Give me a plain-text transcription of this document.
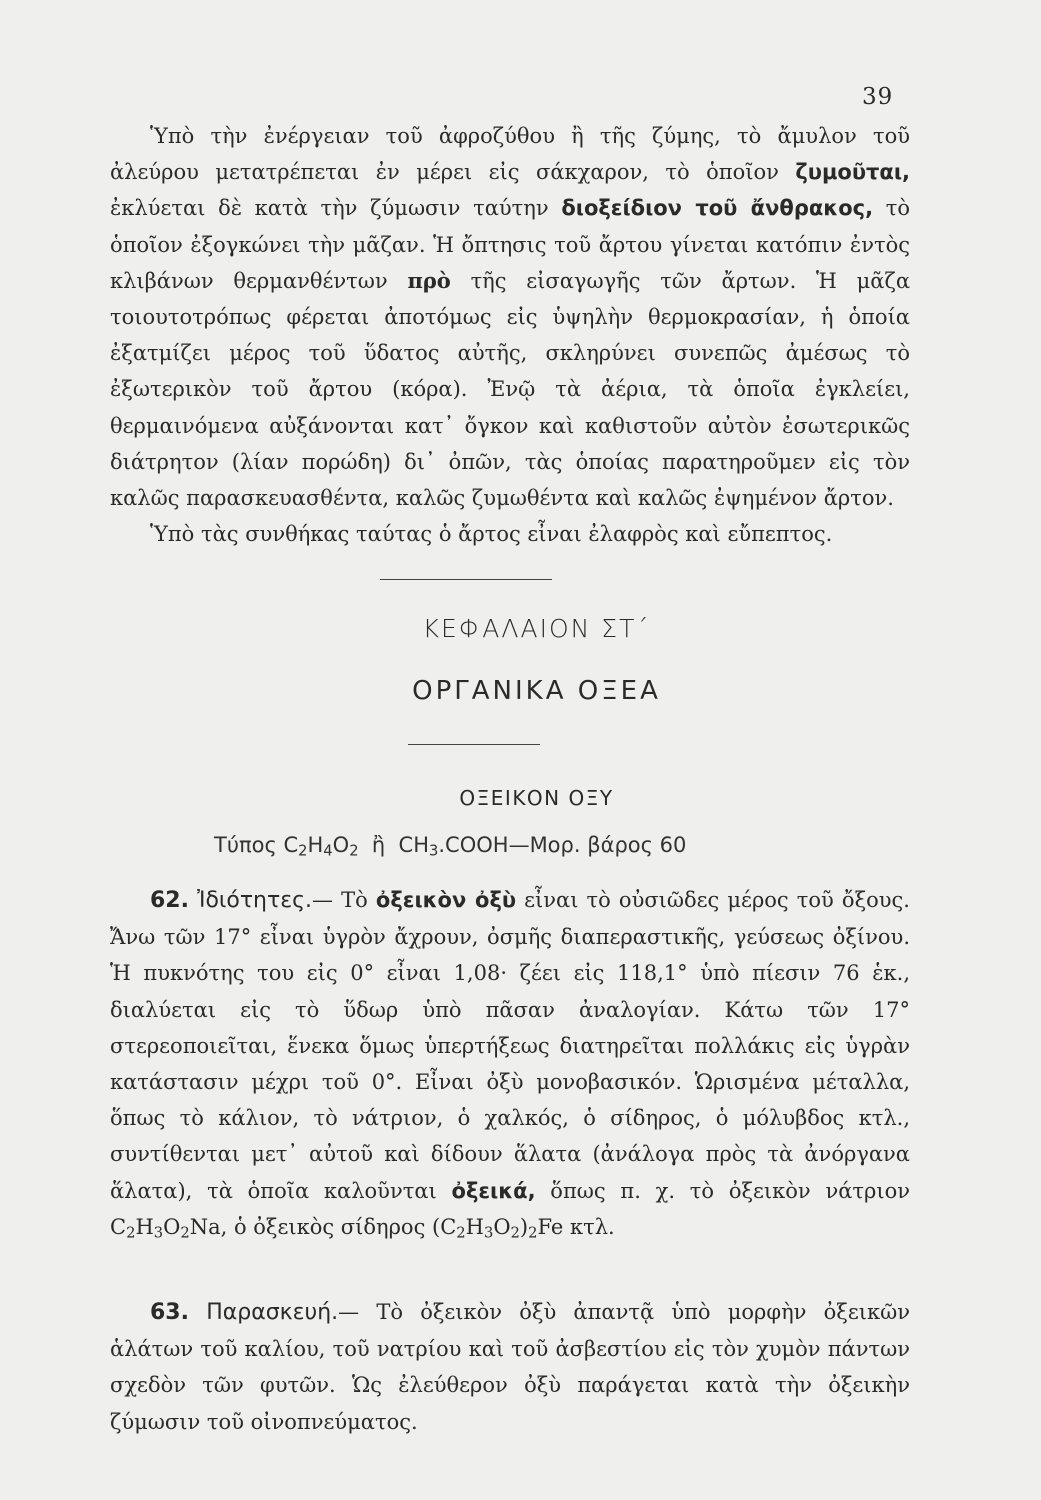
39

Ὑπὸ τὴν ἐνέργειαν τοῦ ἀφροζύθου ἢ τῆς ζύμης, τὸ ἄμυλον τοῦ ἀλεύρου μετατρέπεται ἐν μέρει εἰς σάκχαρον, τὸ ὁποῖον ζυμοῦται, ἐκλύεται δὲ κατὰ τὴν ζύμωσιν ταύτην διοξείδιον τοῦ ἄνθρακος, τὸ ὁποῖον ἐξογκώνει τὴν μᾶζαν. Ἡ ὄπτησις τοῦ ἄρτου γίνεται κατόπιν ἐντὸς κλιβάνων θερμανθέντων πρὸ τῆς εἰσαγωγῆς τῶν ἄρτων. Ἡ μᾶζα τοιουτοτρόπως φέρεται ἀποτόμως εἰς ὑψηλὴν θερμοκρασίαν, ἡ ὁποία ἐξατμίζει μέρος τοῦ ὕδατος αὐτῆς, σκληρύνει συνεπῶς ἀμέσως τὸ ἐξωτερικὸν τοῦ ἄρτου (κόρα). Ἐνῷ τὰ ἀέρια, τὰ ὁποῖα ἐγκλείει, θερμαινόμενα αὐξάνονται κατ᾽ ὄγκον καὶ καθιστοῦν αὐτὸν ἐσωτερικῶς διάτρητον (λίαν πορώδη) δι᾽ ὀπῶν, τὰς ὁποίας παρατηροῦμεν εἰς τὸν καλῶς παρασκευασθέντα, καλῶς ζυμωθέντα καὶ καλῶς ἐψημένον ἄρτον.

Ὑπὸ τὰς συνθήκας ταύτας ὁ ἄρτος εἶναι ἐλαφρὸς καὶ εὔπεπτος.

ΚΕΦΑΛΑΙΟΝ ΣΤ΄
ΟΡΓΑΝΙΚΑ ΟΞΕΑ
ΟΞΕΙΚΟΝ ΟΞΥ
Τύπος $C_2H_4O_2$  ἢ  $CH_3.COOH—Mo\rho$. βάρος 60

62. Ἰδιότητες.— Τὸ ὀξεικὸν ὀξὺ εἶναι τὸ οὐσιῶδες μέρος τοῦ ὄξους. Ἄνω τῶν 17° εἶναι ὑγρὸν ἄχρουν, ὀσμῆς διαπεραστικῆς, γεύσεως ὀξίνου. Ἡ πυκνότης του εἰς 0° εἶναι 1,08· ζέει εἰς 118,1° ὑπὸ πίεσιν 76 ἑκ., διαλύεται εἰς τὸ ὕδωρ ὑπὸ πᾶσαν ἀναλογίαν. Κάτω τῶν 17° στερεοποιεῖται, ἕνεκα ὅμως ὑπερτήξεως διατηρεῖται πολλάκις εἰς ὑγρὰν κατάστασιν μέχρι τοῦ 0°. Εἶναι ὀξὺ μονοβασικόν. Ὡρισμένα μέταλλα, ὅπως τὸ κάλιον, τὸ νάτριον, ὁ χαλκός, ὁ σίδηρος, ὁ μόλυβδος κτλ., συντίθενται μετ᾽ αὐτοῦ καὶ δίδουν ἅλατα (ἀνάλογα πρὸς τὰ ἀνόργανα ἅλατα), τὰ ὁποῖα καλοῦνται ὀξεικά, ὅπως π. χ. τὸ ὀξεικὸν νάτριον $C_2H_3O_2Na$, ὁ ὀξεικὸς σίδηρος $(C_2H_3O_2)_2Fe$ κτλ.

63. Παρασκευή.— Τὸ ὀξεικὸν ὀξὺ ἀπαντᾷ ὑπὸ μορφὴν ὀξεικῶν ἁλάτων τοῦ καλίου, τοῦ νατρίου καὶ τοῦ ἀσβεστίου εἰς τὸν χυμὸν πάντων σχεδὸν τῶν φυτῶν. Ὡς ἐλεύθερον ὀξὺ παράγεται κατὰ τὴν ὀξεικὴν ζύμωσιν τοῦ οἰνοπνεύματος.
